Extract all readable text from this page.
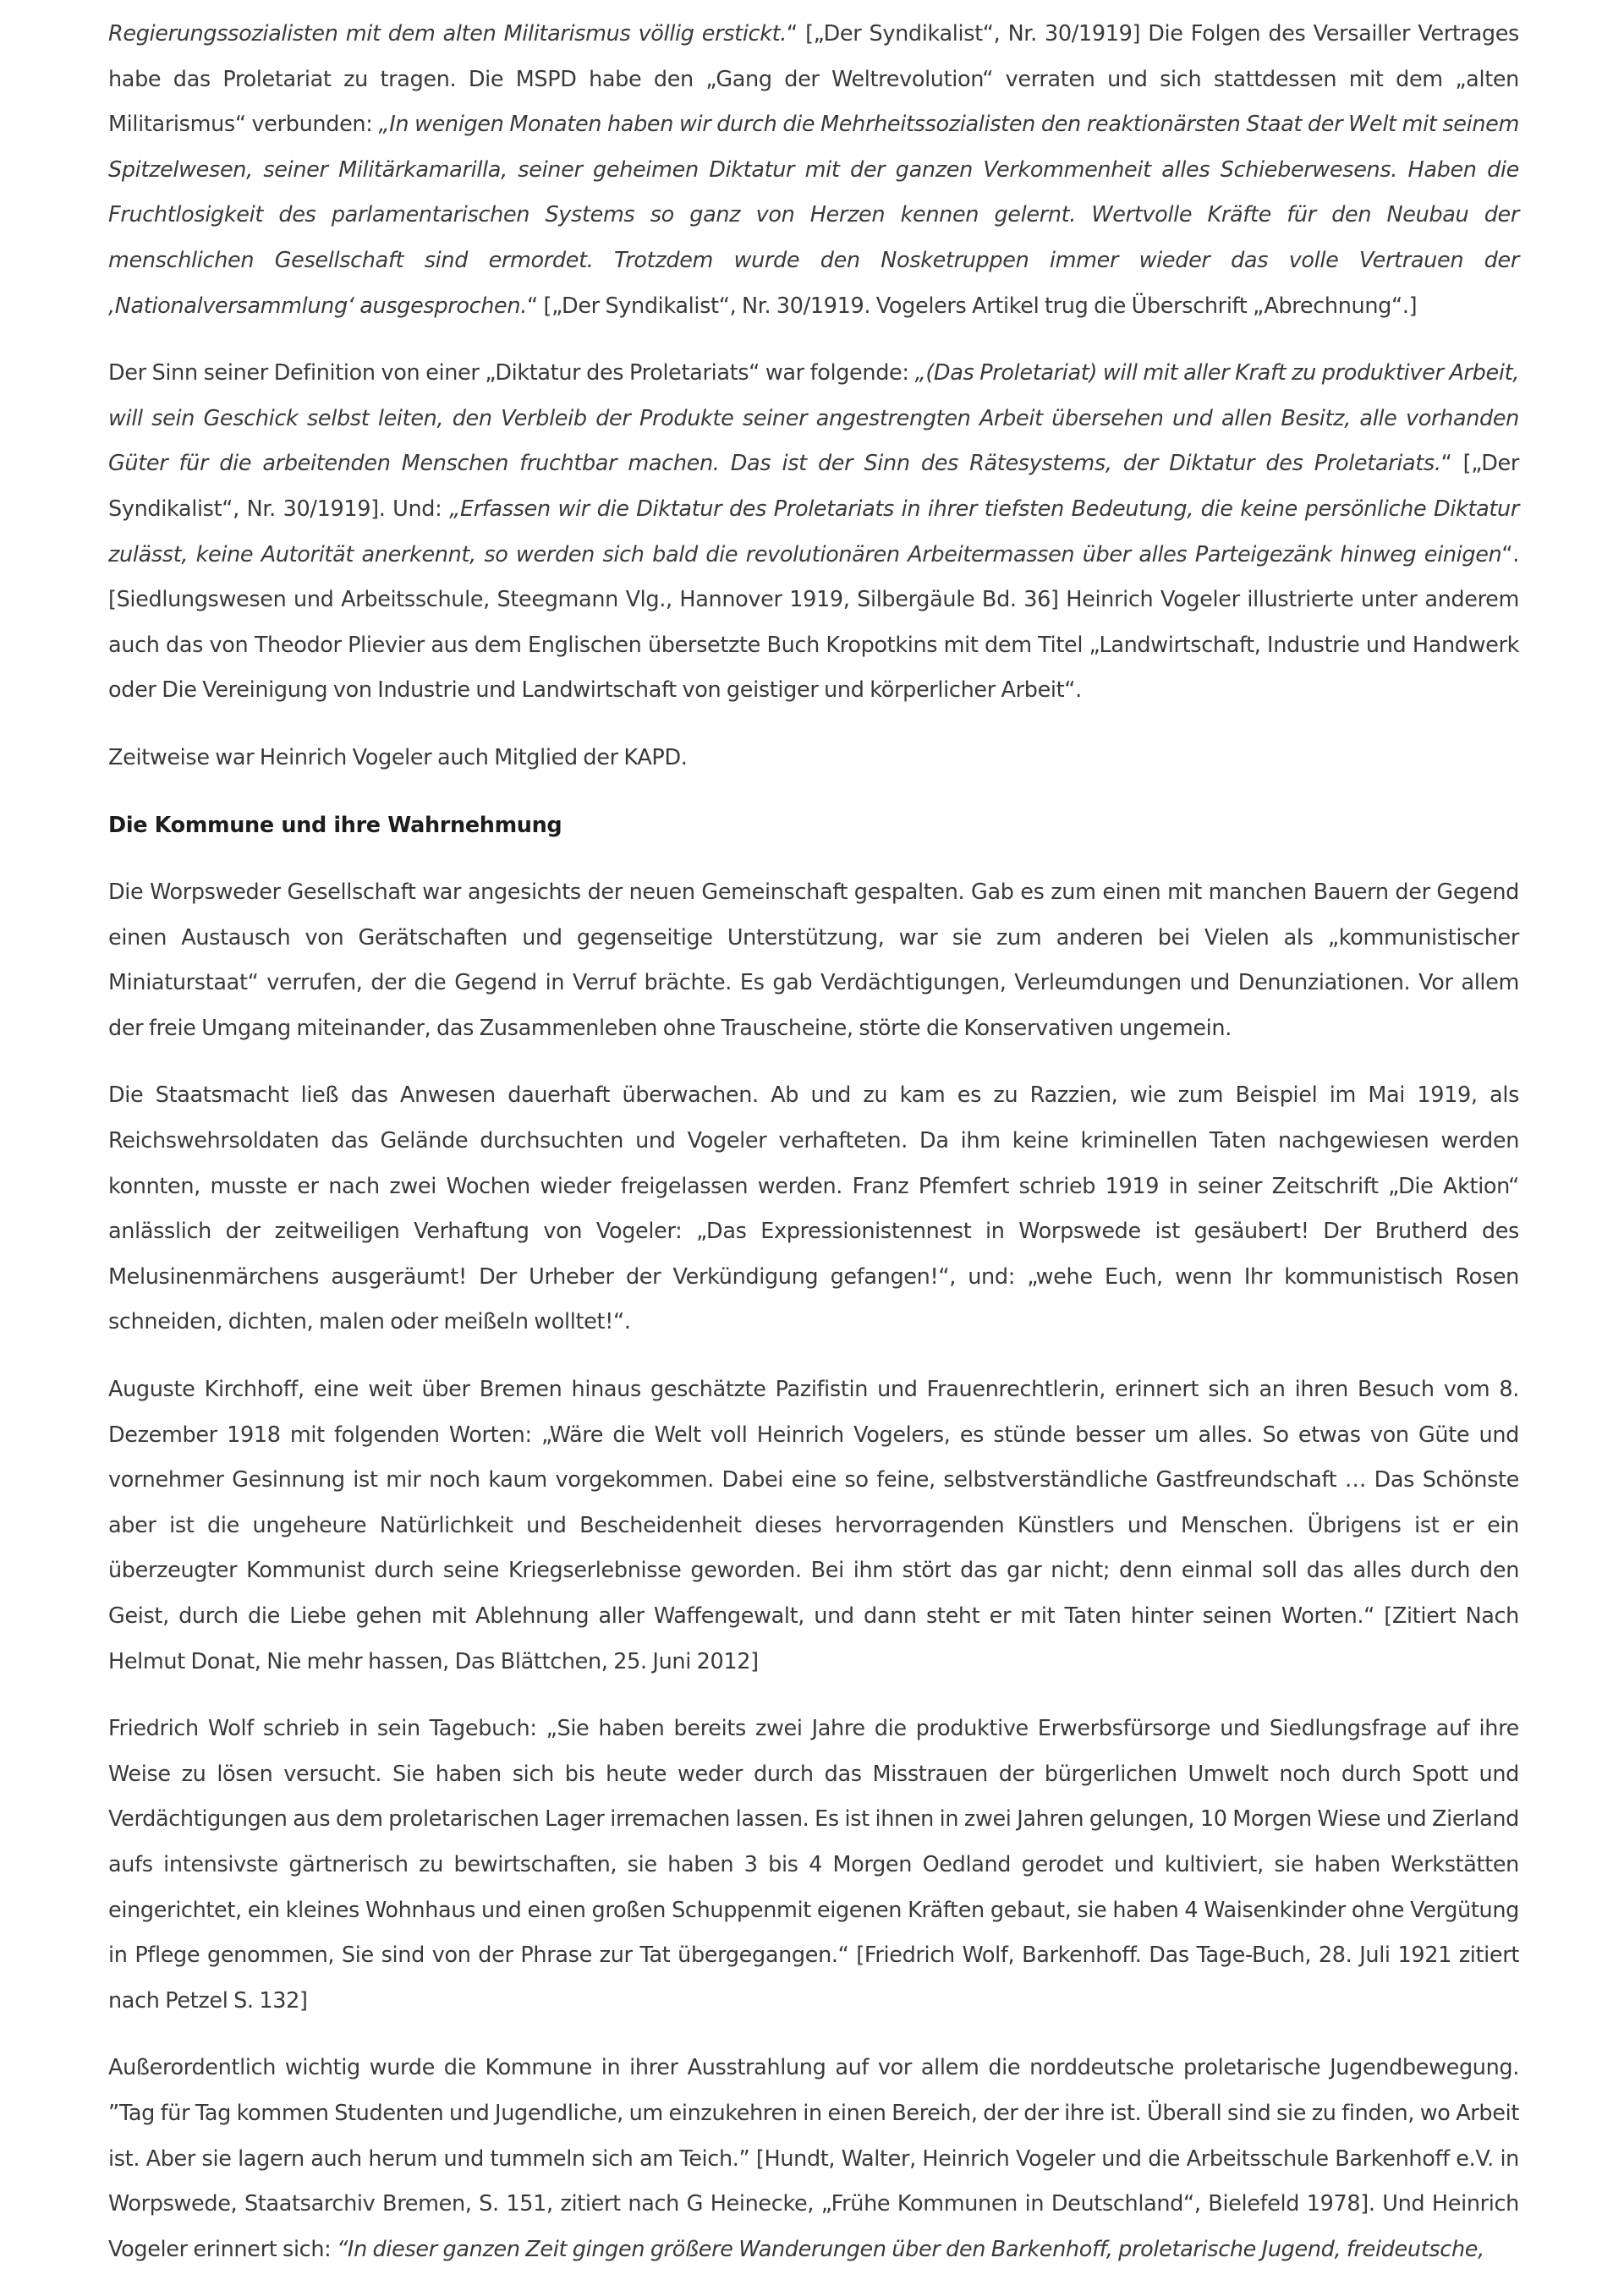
Regierungssozialisten mit dem alten Militarismus völlig erstickt.“ [„Der Syndikalist“, Nr. 30/1919] Die Folgen des Versailler Vertrages habe das Proletariat zu tragen. Die MSPD habe den „Gang der Weltrevolution“ verraten und sich stattdessen mit dem „alten Militarismus“ verbunden: „In wenigen Monaten haben wir durch die Mehrheitssozialisten den reaktionärsten Staat der Welt mit seinem Spitzelwesen, seiner Militärkamarilla, seiner geheimen Diktatur mit der ganzen Verkommenheit alles Schieberwesens. Haben die Fruchtlosigkeit des parlamentarischen Systems so ganz von Herzen kennen gelernt. Wertvolle Kräfte für den Neubau der menschlichen Gesellschaft sind ermordet. Trotzdem wurde den Nosketruppen immer wieder das volle Vertrauen der ‚Nationalversammlung‘ ausgesprochen.“ [„Der Syndikalist“, Nr. 30/1919. Vogelers Artikel trug die Überschrift „Abrechnung“.]

Der Sinn seiner Definition von einer „Diktatur des Proletariats“ war folgende: „(Das Proletariat) will mit aller Kraft zu produktiver Arbeit, will sein Geschick selbst leiten, den Verbleib der Produkte seiner angestrengten Arbeit übersehen und allen Besitz, alle vorhanden Güter für die arbeitenden Menschen fruchtbar machen. Das ist der Sinn des Rätesystems, der Diktatur des Proletariats.“ [„Der Syndikalist“, Nr. 30/1919]. Und: „Erfassen wir die Diktatur des Proletariats in ihrer tiefsten Bedeutung, die keine persönliche Diktatur zulässt, keine Autorität anerkennt, so werden sich bald die revolutionären Arbeitermassen über alles Parteigezänk hinweg einigen“. [Siedlungswesen und Arbeitsschule, Steegmann Vlg., Hannover 1919, Silbergäule Bd. 36] Heinrich Vogeler illustrierte unter anderem auch das von Theodor Plievier aus dem Englischen übersetzte Buch Kropotkins mit dem Titel „Landwirtschaft, Industrie und Handwerk oder Die Vereinigung von Industrie und Landwirtschaft von geistiger und körperlicher Arbeit“.

Zeitweise war Heinrich Vogeler auch Mitglied der KAPD.

Die Kommune und ihre Wahrnehmung

Die Worpsweder Gesellschaft war angesichts der neuen Gemeinschaft gespalten. Gab es zum einen mit manchen Bauern der Gegend einen Austausch von Gerätschaften und gegenseitige Unterstützung, war sie zum anderen bei Vielen als „kommunistischer Miniaturstaat“ verrufen, der die Gegend in Verruf brächte. Es gab Verdächtigungen, Verleumdungen und Denunziationen. Vor allem der freie Umgang miteinander, das Zusammenleben ohne Trauscheine, störte die Konservativen ungemein.

Die Staatsmacht ließ das Anwesen dauerhaft überwachen. Ab und zu kam es zu Razzien, wie zum Beispiel im Mai 1919, als Reichswehrsoldaten das Gelände durchsuchten und Vogeler verhafteten. Da ihm keine kriminellen Taten nachgewiesen werden konnten, musste er nach zwei Wochen wieder freigelassen werden. Franz Pfemfert schrieb 1919 in seiner Zeitschrift „Die Aktion“ anlässlich der zeitweiligen Verhaftung von Vogeler: „Das Expressionistennest in Worpswede ist gesäubert! Der Brutherd des Melusinenmärchens ausgeräumt! Der Urheber der Verkündigung gefangen!“, und: „wehe Euch, wenn Ihr kommunistisch Rosen schneiden, dichten, malen oder meißeln wolltet!“.

Auguste Kirchhoff, eine weit über Bremen hinaus geschätzte Pazifistin und Frauenrechtlerin, erinnert sich an ihren Besuch vom 8. Dezember 1918 mit folgenden Worten: „Wäre die Welt voll Heinrich Vogelers, es stünde besser um alles. So etwas von Güte und vornehmer Gesinnung ist mir noch kaum vorgekommen. Dabei eine so feine, selbstverständliche Gastfreundschaft … Das Schönste aber ist die ungeheure Natürlichkeit und Bescheidenheit dieses hervorragenden Künstlers und Menschen. Übrigens ist er ein überzeugter Kommunist durch seine Kriegserlebnisse geworden. Bei ihm stört das gar nicht; denn einmal soll das alles durch den Geist, durch die Liebe gehen mit Ablehnung aller Waffengewalt, und dann steht er mit Taten hinter seinen Worten.“ [Zitiert Nach Helmut Donat, Nie mehr hassen, Das Blättchen, 25. Juni 2012]

Friedrich Wolf schrieb in sein Tagebuch: „Sie haben bereits zwei Jahre die produktive Erwerbsfürsorge und Siedlungsfrage auf ihre Weise zu lösen versucht. Sie haben sich bis heute weder durch das Misstrauen der bürgerlichen Umwelt noch durch Spott und Verdächtigungen aus dem proletarischen Lager irremachen lassen. Es ist ihnen in zwei Jahren gelungen, 10 Morgen Wiese und Zierland aufs intensivste gärtnerisch zu bewirtschaften, sie haben 3 bis 4 Morgen Oedland gerodet und kultiviert, sie haben Werkstätten eingerichtet, ein kleines Wohnhaus und einen großen Schuppenmit eigenen Kräften gebaut, sie haben 4 Waisenkinder ohne Vergütung in Pflege genommen, Sie sind von der Phrase zur Tat übergegangen.“ [Friedrich Wolf, Barkenhoff. Das Tage-Buch, 28. Juli 1921 zitiert nach Petzel S. 132]

Außerordentlich wichtig wurde die Kommune in ihrer Ausstrahlung auf vor allem die norddeutsche proletarische Jugendbewegung. ”Tag für Tag kommen Studenten und Jugendliche, um einzukehren in einen Bereich, der der ihre ist. Überall sind sie zu finden, wo Arbeit ist. Aber sie lagern auch herum und tummeln sich am Teich.” [Hundt, Walter, Heinrich Vogeler und die Arbeitsschule Barkenhoff e.V. in Worpswede, Staatsarchiv Bremen, S. 151, zitiert nach G Heinecke, „Frühe Kommunen in Deutschland“, Bielefeld 1978]. Und Heinrich Vogeler erinnert sich: “In dieser ganzen Zeit gingen größere Wanderungen über den Barkenhoff, proletarische Jugend, freideutsche,
